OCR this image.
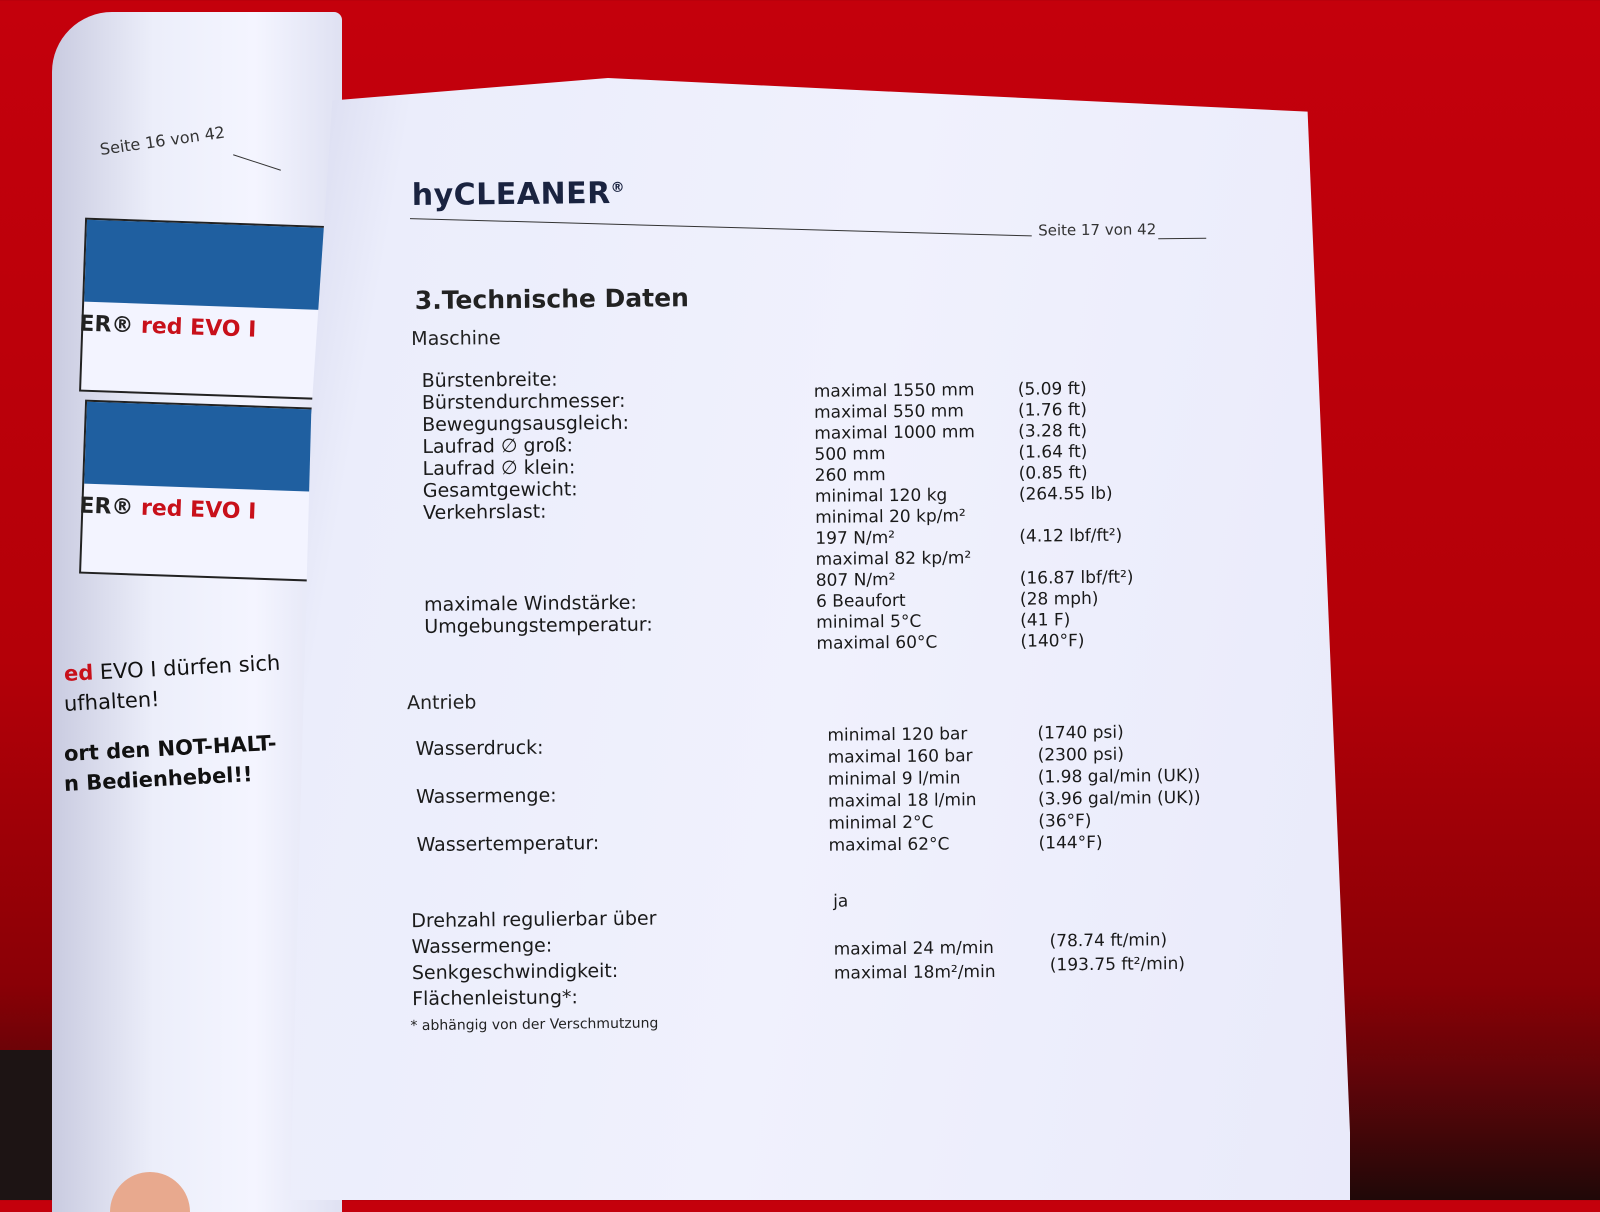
Seite 16 von 42
ER® red EVO I
ER® red EVO I
ed EVO I dürfen sich
ufhalten!
ort den NOT-HALT-
n Bedienhebel!!
hyCLEANER®
Seite 17 von 42
3.Technische Daten
Maschine
Bürstenbreite:
Bürstendurchmesser:
Bewegungsausgleich:
Laufrad ∅ groß:
Laufrad ∅ klein:
Gesamtgewicht:
Verkehrslast:
maximale Windstärke:
Umgebungstemperatur:
maximal 1550 mm
maximal 550 mm
maximal 1000 mm
500 mm
260 mm
minimal 120 kg
minimal 20 kp/m²
197 N/m²
maximal 82 kp/m²
807 N/m²
6 Beaufort
minimal 5°C
maximal 60°C
(5.09 ft)
(1.76 ft)
(3.28 ft)
(1.64 ft)
(0.85 ft)
(264.55 lb)
(4.12 lbf/ft²)
(16.87 lbf/ft²)
(28 mph)
(41 F)
(140°F)
Antrieb
Wasserdruck:
Wassermenge:
Wassertemperatur:
minimal 120 bar
maximal 160 bar
minimal 9 l/min
maximal 18 l/min
minimal 2°C
maximal 62°C
(1740 psi)
(2300 psi)
(1.98 gal/min (UK))
(3.96 gal/min (UK))
(36°F)
(144°F)
Drehzahl regulierbar über
Wassermenge:
Senkgeschwindigkeit:
Flächenleistung*:
ja
maximal 24 m/min
maximal 18m²/min
(78.74 ft/min)
(193.75 ft²/min)
* abhängig von der Verschmutzung
